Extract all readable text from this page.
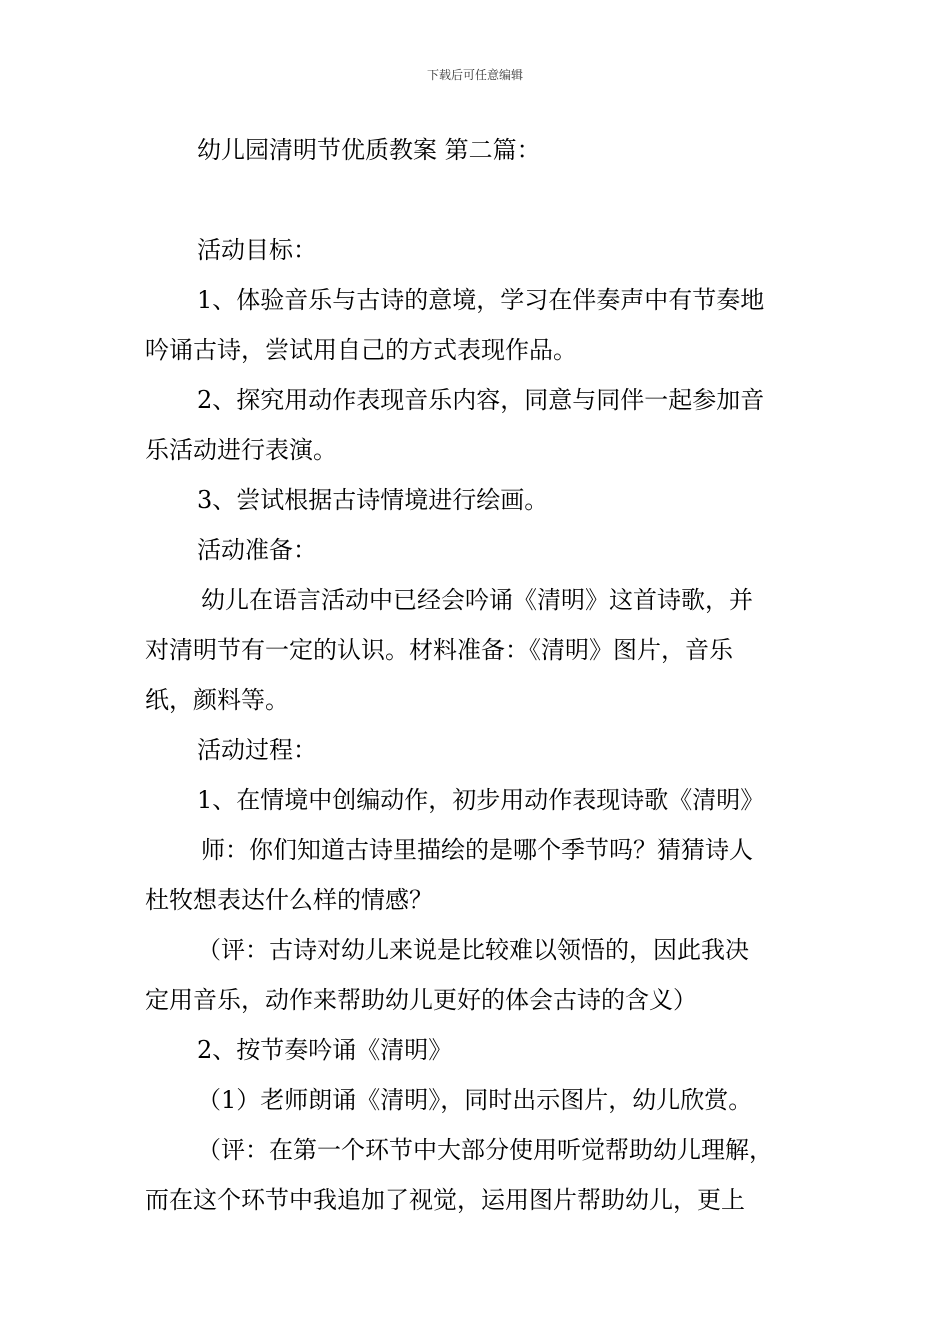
下载后可任意编辑

幼儿园清明节优质教案 第二篇：

活动目标：

1、体验音乐与古诗的意境，学习在伴奏声中有节奏地

吟诵古诗，尝试用自己的方式表现作品。

2、探究用动作表现音乐内容，同意与同伴一起参加音

乐活动进行表演。

3、尝试根据古诗情境进行绘画。

活动准备：

幼儿在语言活动中已经会吟诵《清明》这首诗歌，并

对清明节有一定的认识。材料准备：《清明》图片，音乐

纸，颜料等。

活动过程：

1、在情境中创编动作，初步用动作表现诗歌《清明》

师：你们知道古诗里描绘的是哪个季节吗？猜猜诗人

杜牧想表达什么样的情感？

（评：古诗对幼儿来说是比较难以领悟的，因此我决

定用音乐，动作来帮助幼儿更好的体会古诗的含义）

2、按节奏吟诵《清明》

（1）老师朗诵《清明》，同时出示图片，幼儿欣赏。

（评：在第一个环节中大部分使用听觉帮助幼儿理解，

而在这个环节中我追加了视觉，运用图片帮助幼儿，更上
